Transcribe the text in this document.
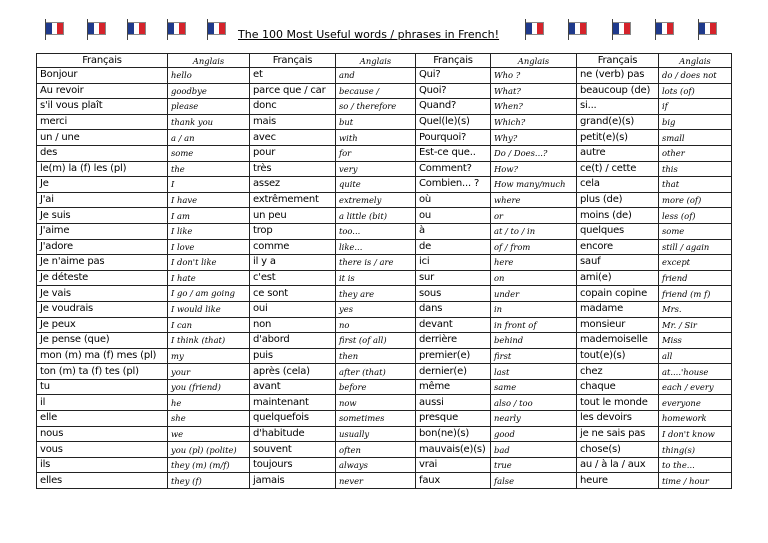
The 100 Most Useful words / phrases in French!
Français	Anglais	Français	Anglais	Français	Anglais	Français	Anglais
Bonjour	hello	et	and	Qui?	Who ?	ne (verb) pas	do / does not
Au revoir	goodbye	parce que / car	because /	Quoi?	What?	beaucoup (de)	lots (of)
s'il vous plaît	please	donc	so / therefore	Quand?	When?	si...	if
merci	thank you	mais	but	Quel(le)(s)	Which?	grand(e)(s)	big
un / une	a / an	avec	with	Pourquoi?	Why?	petit(e)(s)	small
des	some	pour	for	Est-ce que..	Do / Does...?	autre	other
le(m) la (f) les (pl)	the	très	very	Comment?	How?	ce(t) / cette	this
Je	I	assez	quite	Combien... ?	How many/much	cela	that
J'ai	I have	extrêmement	extremely	où	where	plus (de)	more (of)
Je suis	I am	un peu	a little (bit)	ou	or	moins (de)	less (of)
J'aime	I like	trop	too...	à	at / to / in	quelques	some
J'adore	I love	comme	like...	de	of / from	encore	still / again
Je n'aime pas	I don't like	il y a	there is / are	ici	here	sauf	except
Je déteste	I hate	c'est	it is	sur	on	ami(e)	friend
Je vais	I go / am going	ce sont	they are	sous	under	copain copine	friend (m f)
Je voudrais	I would like	oui	yes	dans	in	madame	Mrs.
Je peux	I can	non	no	devant	in front of	monsieur	Mr. / Sir
Je pense (que)	I think (that)	d'abord	first (of all)	derrière	behind	mademoiselle	Miss
mon (m) ma (f) mes (pl)	my	puis	then	premier(e)	first	tout(e)(s)	all
ton (m) ta (f) tes (pl)	your	après (cela)	after (that)	dernier(e)	last	chez	at....'house
tu	you (friend)	avant	before	même	same	chaque	each / every
il	he	maintenant	now	aussi	also / too	tout le monde	everyone
elle	she	quelquefois	sometimes	presque	nearly	les devoirs	homework
nous	we	d'habitude	usually	bon(ne)(s)	good	je ne sais pas	I don't know
vous	you (pl) (polite)	souvent	often	mauvais(e)(s)	bad	chose(s)	thing(s)
ils	they (m) (m/f)	toujours	always	vrai	true	au / à la / aux	to the...
elles	they (f)	jamais	never	faux	false	heure	time / hour
